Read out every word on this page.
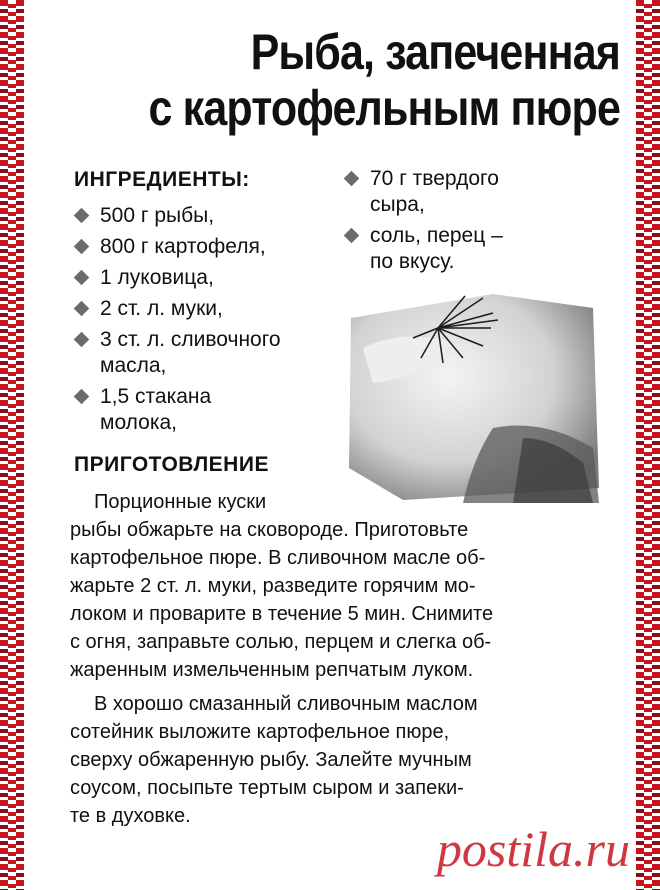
Рыба, запеченная
с картофельным пюре
ИНГРЕДИЕНТЫ:
500 г рыбы,
800 г картофеля,
1 луковица,
2 ст. л. муки,
3 ст. л. сливочного
масла,
1,5 стакана
молока,
70 г твердого
сыра,
соль, перец –
по вкусу.
ПРИГОТОВЛЕНИЕ
Порционные куски
рыбы обжарьте на сковороде. Приготовьте
картофельное пюре. В сливочном масле об-
жарьте 2 ст. л. муки, разведите горячим мо-
локом и проварите в течение 5 мин. Снимите
с огня, заправьте солью, перцем и слегка об-
жаренным измельченным репчатым луком.
В хорошо смазанный сливочным маслом
сотейник выложите картофельное пюре,
сверху обжаренную рыбу. Залейте мучным
соусом, посыпьте тертым сыром и запеки-
те в духовке.
postila.ru
